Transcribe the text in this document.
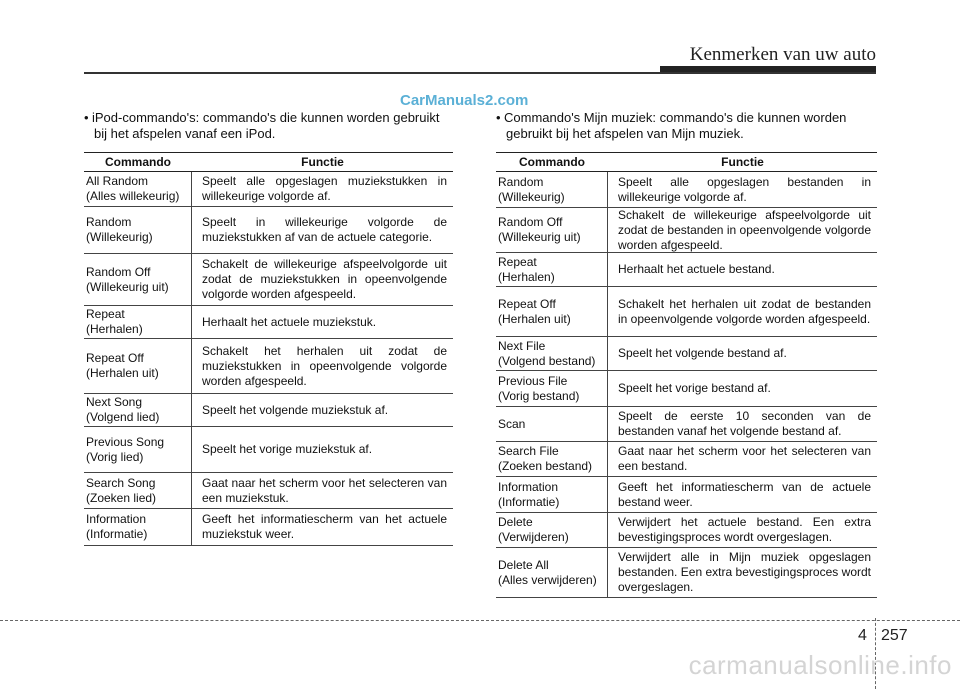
Kenmerken van uw auto
CarManuals2.com
• iPod-commando's: commando's die kunnen worden gebruikt
bij het afspelen vanaf een iPod.
• Commando's Mijn muziek: commando's die kunnen worden
gebruikt bij het afspelen van Mijn muziek.
Commando	Functie
All Random
(Alles willekeurig)
Speelt alle opgeslagen muziekstukken in willekeurige volgorde af.
Random
(Willekeurig)
Speelt in willekeurige volgorde de muziekstukken af van de actuele categorie.
Random Off
(Willekeurig uit)
Schakelt de willekeurige afspeelvolgorde uit zodat de muziekstukken in opeenvolgende volgorde worden afgespeeld.
Repeat
(Herhalen)
Herhaalt het actuele muziekstuk.
Repeat Off
(Herhalen uit)
Schakelt het herhalen uit zodat de muziekstukken in opeenvolgende volgorde worden afgespeeld.
Next Song
(Volgend lied)
Speelt het volgende muziekstuk af.
Previous Song
(Vorig lied)
Speelt het vorige muziekstuk af.
Search Song
(Zoeken lied)
Gaat naar het scherm voor het selecteren van een muziekstuk.
Information
(Informatie)
Geeft het informatiescherm van het actuele muziekstuk weer.
Commando	Functie
Random
(Willekeurig)
Speelt alle opgeslagen bestanden in willekeurige volgorde af.
Random Off
(Willekeurig uit)
Schakelt de willekeurige afspeelvolgorde uit zodat de bestanden in opeenvolgende volgorde worden afgespeeld.
Repeat
(Herhalen)
Herhaalt het actuele bestand.
Repeat Off
(Herhalen uit)
Schakelt het herhalen uit zodat de bestanden in opeenvolgende volgorde worden afgespeeld.
Next File
(Volgend bestand)
Speelt het volgende bestand af.
Previous File
(Vorig bestand)
Speelt het vorige bestand af.
Scan
Speelt de eerste 10 seconden van de bestanden vanaf het volgende bestand af.
Search File
(Zoeken bestand)
Gaat naar het scherm voor het selecteren van een bestand.
Information
(Informatie)
Geeft het informatiescherm van de actuele bestand weer.
Delete
(Verwijderen)
Verwijdert het actuele bestand. Een extra bevestigingsproces wordt overgeslagen.
Delete All
(Alles verwijderen)
Verwijdert alle in Mijn muziek opgeslagen bestanden. Een extra bevestigingsproces wordt overgeslagen.
4 257
carmanualsonline.info
